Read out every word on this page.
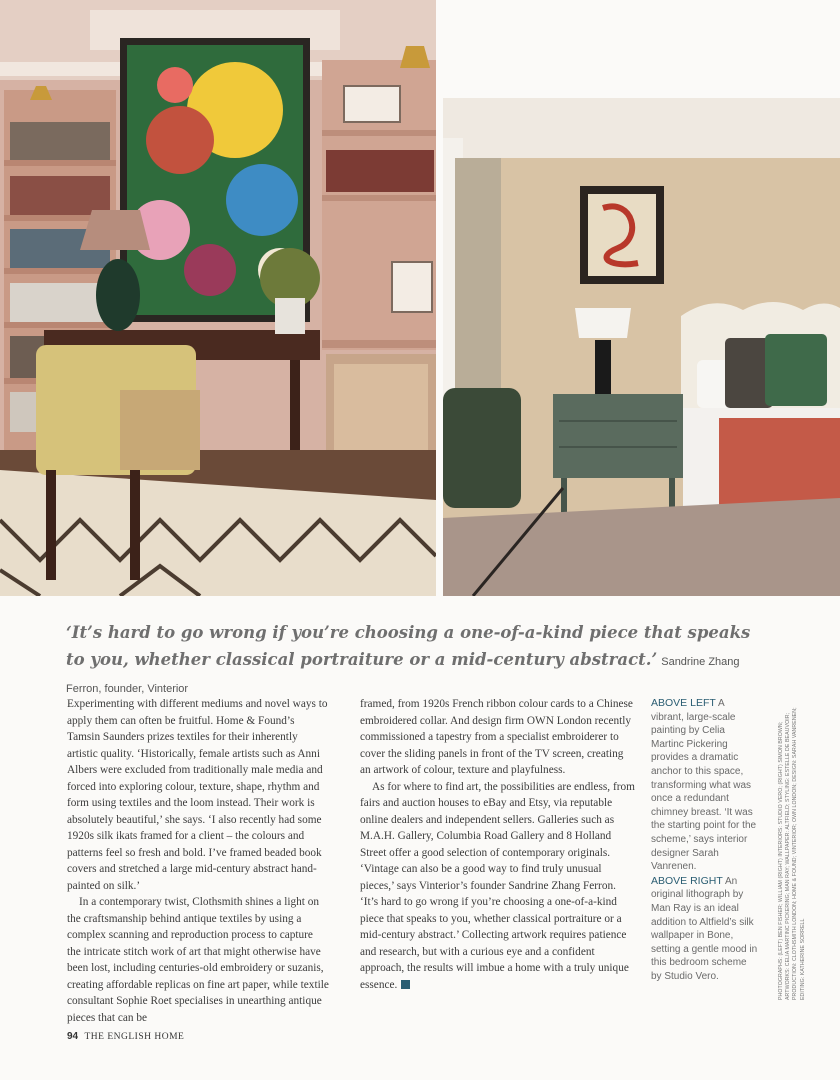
‘It’s hard to go wrong if you’re choosing a one-of-a-kind piece that speaks to you, whether classical portraiture or a mid-century abstract.’ Sandrine Zhang Ferron, founder, Vinterior

Experimenting with different mediums and novel ways to apply them can often be fruitful. Home & Found’s Tamsin Saunders prizes textiles for their inherently artistic quality. ‘Historically, female artists such as Anni Albers were excluded from traditionally male media and forced into exploring colour, texture, shape, rhythm and form using textiles and the loom instead. Their work is absolutely beautiful,’ she says. ‘I also recently had some 1920s silk ikats framed for a client – the colours and patterns feel so fresh and bold. I’ve framed beaded book covers and stretched a large mid-century abstract hand-painted on silk.’

In a contemporary twist, Clothsmith shines a light on the craftsmanship behind antique textiles by using a complex scanning and reproduction process to capture the intricate stitch work of art that might otherwise have been lost, including centuries-old embroidery or suzanis, creating affordable replicas on fine art paper, while textile consultant Sophie Roet specialises in unearthing antique pieces that can be

framed, from 1920s French ribbon colour cards to a Chinese embroidered collar. And design firm OWN London recently commissioned a tapestry from a specialist embroiderer to cover the sliding panels in front of the TV screen, creating an artwork of colour, texture and playfulness.

As for where to find art, the possibilities are endless, from fairs and auction houses to eBay and Etsy, via reputable online dealers and independent sellers. Galleries such as M.A.H. Gallery, Columbia Road Gallery and 8 Holland Street offer a good selection of contemporary originals. ‘Vintage can also be a good way to find truly unusual pieces,’ says Vinterior’s founder Sandrine Zhang Ferron. ‘It’s hard to go wrong if you’re choosing a one-of-a-kind piece that speaks to you, whether classical portraiture or a mid-century abstract.’ Collecting artwork requires patience and research, but with a curious eye and a confident approach, the results will imbue a home with a truly unique essence.

ABOVE LEFT A vibrant, large-scale painting by Celia Martinc Pickering provides a dramatic anchor to this space, transforming what was once a redundant chimney breast. ‘It was the starting point for the scheme,’ says interior designer Sarah Vanrenen.
ABOVE RIGHT An original lithograph by Man Ray is an ideal addition to Altfield’s silk wallpaper in Bone, setting a gentle mood in this bedroom scheme by Studio Vero.	PHOTOGRAPHS: (LEFT) BEN FISHER; WILLIAM (RIGHT) INTERIORS: STUDIO VERO; (RIGHT) SIMON BROWN; ARTWORKS: CELIA MARTINC PICKERING; MAN RAY; WALLPAPER: ALTFIELD; STYLING: ESTELLE DE BEAUVOIR; PRODUCTION: CLOTHSMITH LONDON; HOME & FOUND; VINTERIOR; OWN LONDON; DESIGN: SARAH VANRENEN; EDITING: KATHERINE SORRELL
94 THE ENGLISH HOME
